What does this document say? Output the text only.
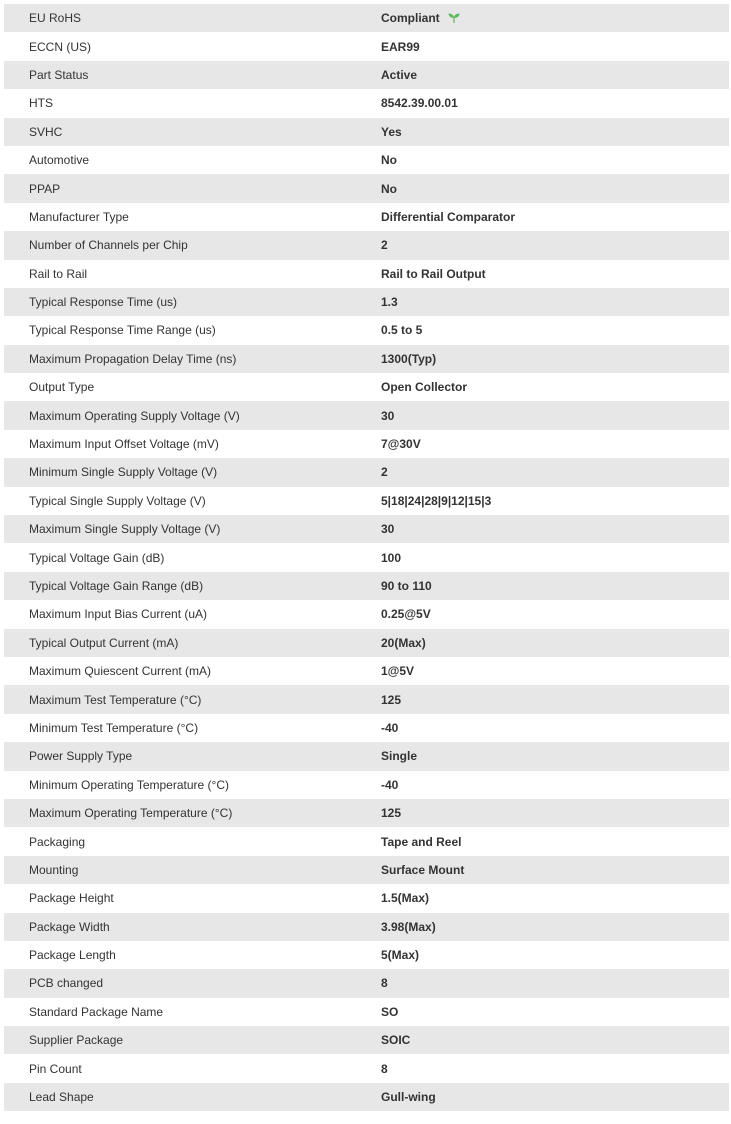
EU RoHS	Compliant
ECCN (US)	EAR99
Part Status	Active
HTS	8542.39.00.01
SVHC	Yes
Automotive	No
PPAP	No
Manufacturer Type	Differential Comparator
Number of Channels per Chip	2
Rail to Rail	Rail to Rail Output
Typical Response Time (us)	1.3
Typical Response Time Range (us)	0.5 to 5
Maximum Propagation Delay Time (ns)	1300(Typ)
Output Type	Open Collector
Maximum Operating Supply Voltage (V)	30
Maximum Input Offset Voltage (mV)	7@30V
Minimum Single Supply Voltage (V)	2
Typical Single Supply Voltage (V)	5|18|24|28|9|12|15|3
Maximum Single Supply Voltage (V)	30
Typical Voltage Gain (dB)	100
Typical Voltage Gain Range (dB)	90 to 110
Maximum Input Bias Current (uA)	0.25@5V
Typical Output Current (mA)	20(Max)
Maximum Quiescent Current (mA)	1@5V
Maximum Test Temperature (°C)	125
Minimum Test Temperature (°C)	-40
Power Supply Type	Single
Minimum Operating Temperature (°C)	-40
Maximum Operating Temperature (°C)	125
Packaging	Tape and Reel
Mounting	Surface Mount
Package Height	1.5(Max)
Package Width	3.98(Max)
Package Length	5(Max)
PCB changed	8
Standard Package Name	SO
Supplier Package	SOIC
Pin Count	8
Lead Shape	Gull-wing
